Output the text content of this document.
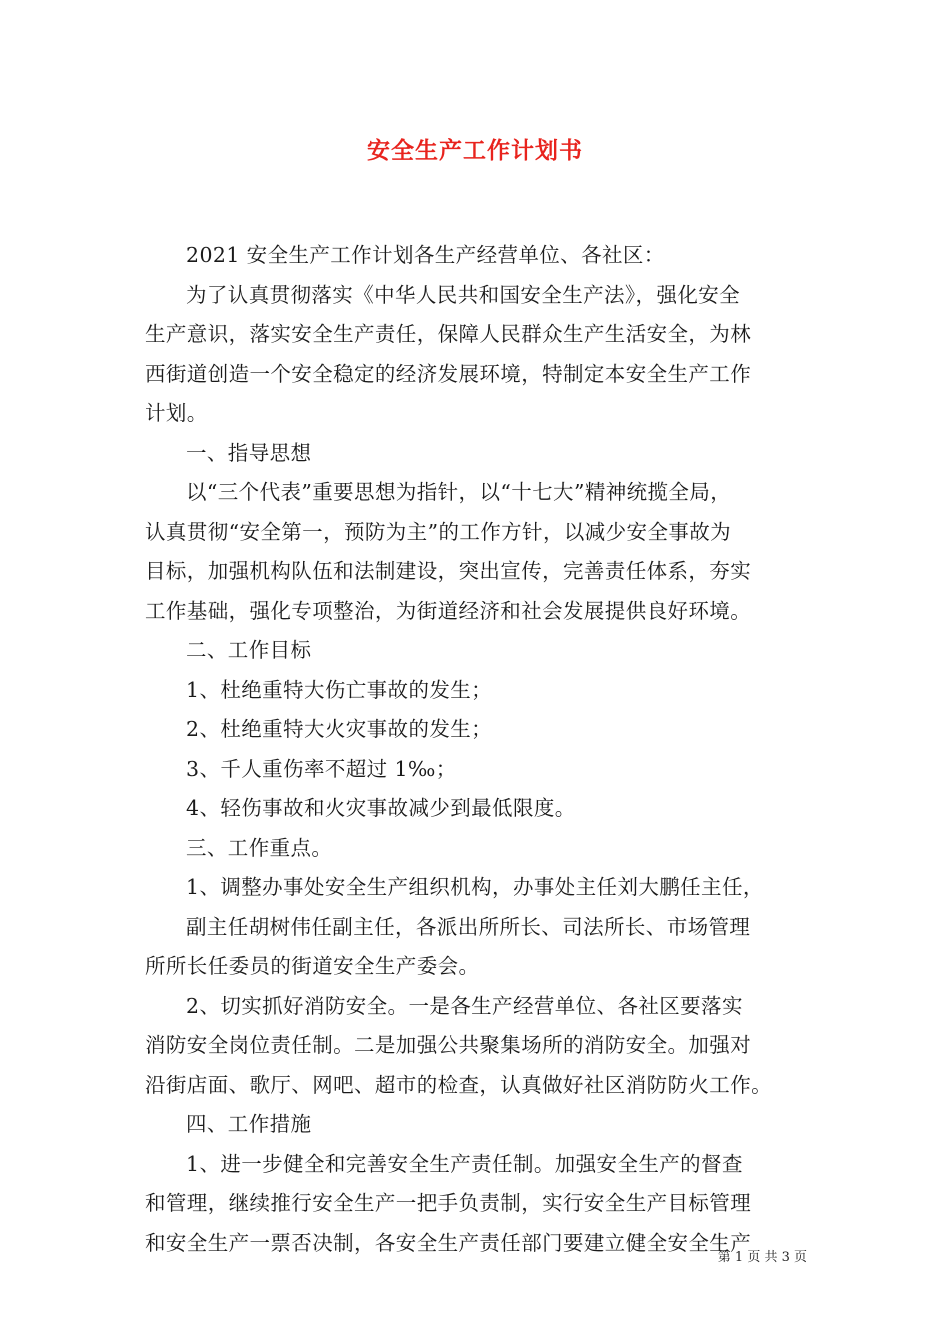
安全生产工作计划书

2021 安全生产工作计划各生产经营单位、各社区：

为了认真贯彻落实《中华人民共和国安全生产法》，强化安全
生产意识，落实安全生产责任，保障人民群众生产生活安全，为林
西街道创造一个安全稳定的经济发展环境，特制定本安全生产工作
计划。

一、指导思想

以“三个代表”重要思想为指针，以“十七大”精神统揽全局，
认真贯彻“安全第一，预防为主”的工作方针，以减少安全事故为
目标，加强机构队伍和法制建设，突出宣传，完善责任体系，夯实
工作基础，强化专项整治，为街道经济和社会发展提供良好环境。

二、工作目标

1、杜绝重特大伤亡事故的发生；

2、杜绝重特大火灾事故的发生；

3、千人重伤率不超过 1‰；

4、轻伤事故和火灾事故减少到最低限度。

三、工作重点。

1、调整办事处安全生产组织机构，办事处主任刘大鹏任主任，
副主任胡树伟任副主任，各派出所所长、司法所长、市场管理
所所长任委员的街道安全生产委会。

2、切实抓好消防安全。一是各生产经营单位、各社区要落实
消防安全岗位责任制。二是加强公共聚集场所的消防安全。加强对
沿街店面、歌厅、网吧、超市的检查，认真做好社区消防防火工作。

四、工作措施

1、进一步健全和完善安全生产责任制。加强安全生产的督查
和管理，继续推行安全生产一把手负责制，实行安全生产目标管理
和安全生产一票否决制，各安全生产责任部门要建立健全安全生产

第 1 页 共 3 页
